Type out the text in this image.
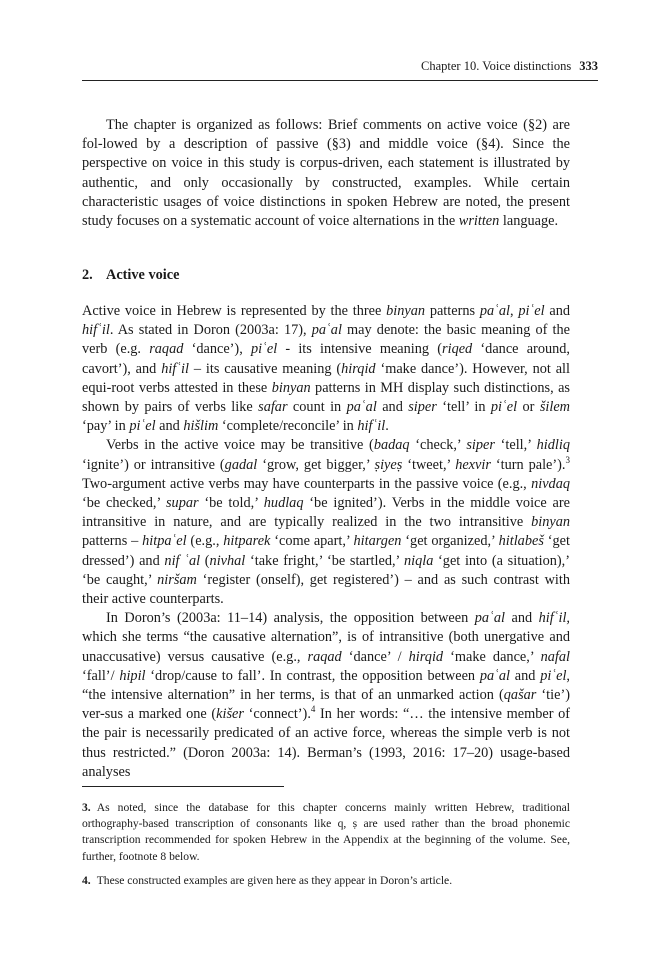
Chapter 10. Voice distinctions 333

The chapter is organized as follows: Brief comments on active voice (§2) are fol-lowed by a description of passive (§3) and middle voice (§4). Since the perspective on voice in this study is corpus-driven, each statement is illustrated by authentic, and only occasionally by constructed, examples. While certain characteristic usages of voice distinctions in spoken Hebrew are noted, the present study focuses on a systematic account of voice alternations in the written language.

2. Active voice

Active voice in Hebrew is represented by the three binyan patterns paʿal, piʿel and hifʿil. As stated in Doron (2003a: 17), paʿal may denote: the basic meaning of the verb (e.g. raqad ‘dance’), piʿel - its intensive meaning (riqed ‘dance around, cavort’), and hifʿil – its causative meaning (hirqid ‘make dance’). However, not all equi-root verbs attested in these binyan patterns in MH display such distinctions, as shown by pairs of verbs like safar count in paʿal and siper ‘tell’ in piʿel or šilem ‘pay’ in piʿel and hišlim ‘complete/reconcile’ in hifʿil.

Verbs in the active voice may be transitive (badaq ‘check,’ siper ‘tell,’ hidliq ‘ignite’) or intransitive (gadal ‘grow, get bigger,’ ṣiyeṣ ‘tweet,’ hexvir ‘turn pale’).$^3$ Two-argument active verbs may have counterparts in the passive voice (e.g., nivdaq ‘be checked,’ supar ‘be told,’ hudlaq ‘be ignited’). Verbs in the middle voice are intransitive in nature, and are typically realized in the two intransitive binyan patterns – hitpaʿel (e.g., hitparek ‘come apart,’ hitargen ‘get organized,’ hitlabeš ‘get dressed’) and nif ʿal (nivhal ‘take fright,’ ‘be startled,’ niqla ‘get into (a situation),’ ‘be caught,’ niršam ‘register (onself), get registered’) – and as such contrast with their active counterparts.

In Doron’s (2003a: 11–14) analysis, the opposition between paʿal and hifʿil, which she terms “the causative alternation”, is of intransitive (both unergative and unaccusative) versus causative (e.g., raqad ‘dance’ / hirqid ‘make dance,’ nafal ‘fall’/ hipil ‘drop/cause to fall’. In contrast, the opposition between paʿal and piʿel, “the intensive alternation” in her terms, is that of an unmarked action (qašar ‘tie’) ver-sus a marked one (kišer ‘connect’).$^4$ In her words: “… the intensive member of the pair is necessarily predicated of an active force, whereas the simple verb is not thus restricted.” (Doron 2003a: 14). Berman’s (1993, 2016: 17–20) usage-based analyses

3. As noted, since the database for this chapter concerns mainly written Hebrew, traditional orthography-based transcription of consonants like q, ṣ are used rather than the broad phonemic transcription recommended for spoken Hebrew in the Appendix at the beginning of the volume. See, further, footnote 8 below.

4. These constructed examples are given here as they appear in Doron’s article.
